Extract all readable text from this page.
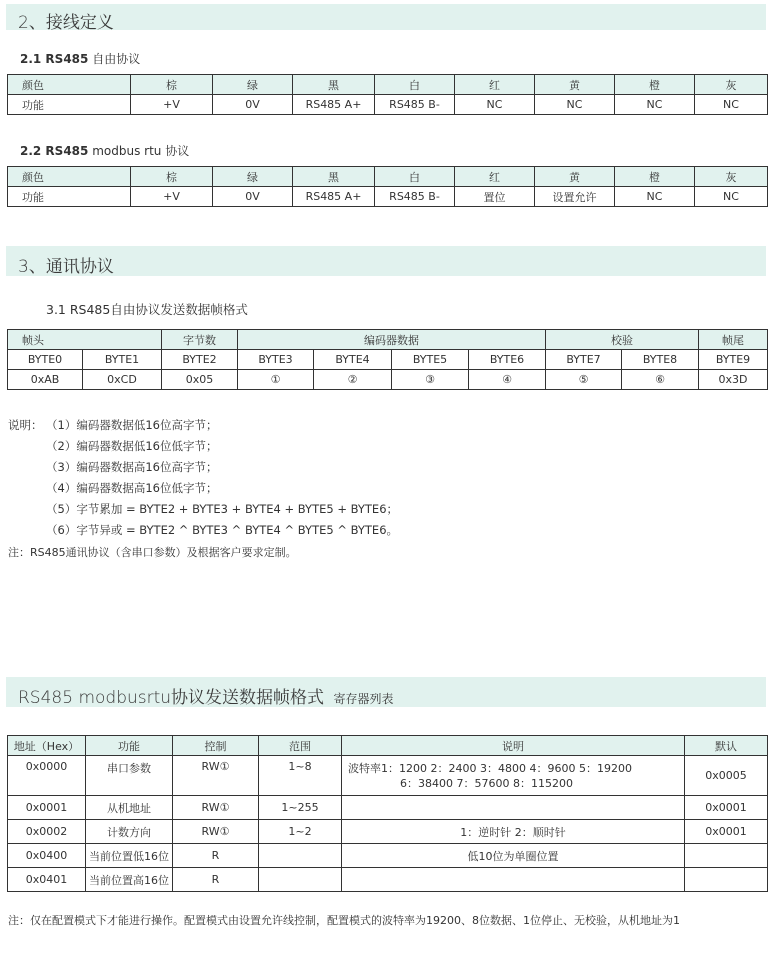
2、接线定义
2.1 RS485 自由协议
颜色	棕	绿	黑	白	红	黄	橙	灰
功能	+V	0V	RS485 A+	RS485 B-	NC	NC	NC	NC
2.2 RS485 modbus rtu 协议
颜色	棕	绿	黑	白	红	黄	橙	灰
功能	+V	0V	RS485 A+	RS485 B-	置位	设置允许	NC	NC
3、通讯协议
3.1 RS485自由协议发送数据帧格式
帧头		字节数	编码器数据				校验		帧尾
BYTE0	BYTE1	BYTE2	BYTE3	BYTE4	BYTE5	BYTE6	BYTE7	BYTE8	BYTE9
0xAB	0xCD	0x05	①	②	③	④	⑤	⑥	0x3D
说明： （1）编码器数据低16位高字节；
（2）编码器数据低16位低字节；
（3）编码器数据高16位高字节；
（4）编码器数据高16位低字节；
（5）字节累加 = BYTE2 + BYTE3 + BYTE4 + BYTE5 + BYTE6；
（6）字节异或 = BYTE2 ^ BYTE3 ^ BYTE4 ^ BYTE5 ^ BYTE6。
注：RS485通讯协议（含串口参数）及根据客户要求定制。
RS485 modbusrtu协议发送数据帧格式 寄存器列表
地址（Hex）	功能	控制	范围	说明	默认
0x0000	串口参数	RW①	1~8	波特率1：1200 2：2400 3：4800 4：9600 5：19200
6：38400 7：57600 8：115200	0x0005
0x0001	从机地址	RW①	1~255		0x0001
0x0002	计数方向	RW①	1~2	1：逆时针 2：顺时针	0x0001
0x0400	当前位置低16位	R		低10位为单圈位置	
0x0401	当前位置高16位	R			
注：仅在配置模式下才能进行操作。配置模式由设置允许线控制，配置模式的波特率为19200、8位数据、1位停止、无校验，从机地址为1
